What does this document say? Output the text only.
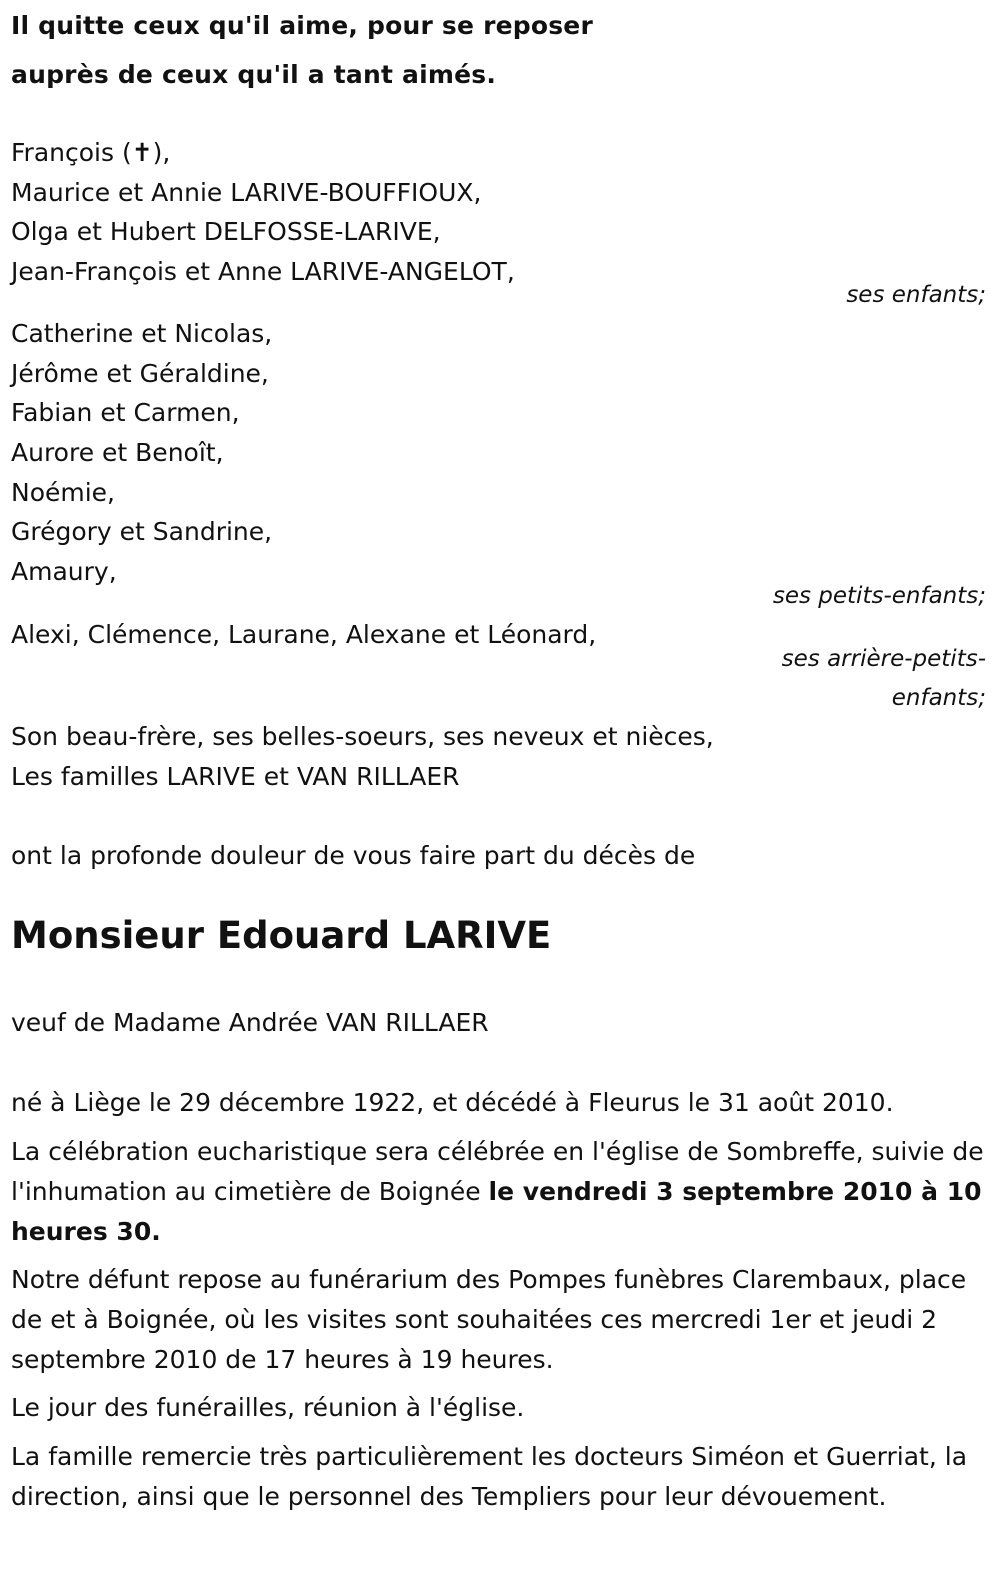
Il quitte ceux qu'il aime, pour se reposer
auprès de ceux qu'il a tant aimés.
François (✝),
Maurice et Annie LARIVE-BOUFFIOUX,
Olga et Hubert DELFOSSE-LARIVE,
Jean-François et Anne LARIVE-ANGELOT,
ses enfants;
Catherine et Nicolas,
Jérôme et Géraldine,
Fabian et Carmen,
Aurore et Benoît,
Noémie,
Grégory et Sandrine,
Amaury,
ses petits-enfants;
Alexi, Clémence, Laurane, Alexane et Léonard,
ses arrière-petits-
enfants;
Son beau-frère, ses belles-soeurs, ses neveux et nièces,
Les familles LARIVE et VAN RILLAER
ont la profonde douleur de vous faire part du décès de
Monsieur Edouard LARIVE
veuf de Madame Andrée VAN RILLAER
né à Liège le 29 décembre 1922, et décédé à Fleurus le 31 août 2010.
La célébration eucharistique sera célébrée en l'église de Sombreffe, suivie de l'inhumation au cimetière de Boignée le vendredi 3 septembre 2010 à 10 heures 30.
Notre défunt repose au funérarium des Pompes funèbres Clarembaux, place de et à Boignée, où les visites sont souhaitées ces mercredi 1er et jeudi 2 septembre 2010 de 17 heures à 19 heures.
Le jour des funérailles, réunion à l'église.
La famille remercie très particulièrement les docteurs Siméon et Guerriat, la direction, ainsi que le personnel des Templiers pour leur dévouement.
